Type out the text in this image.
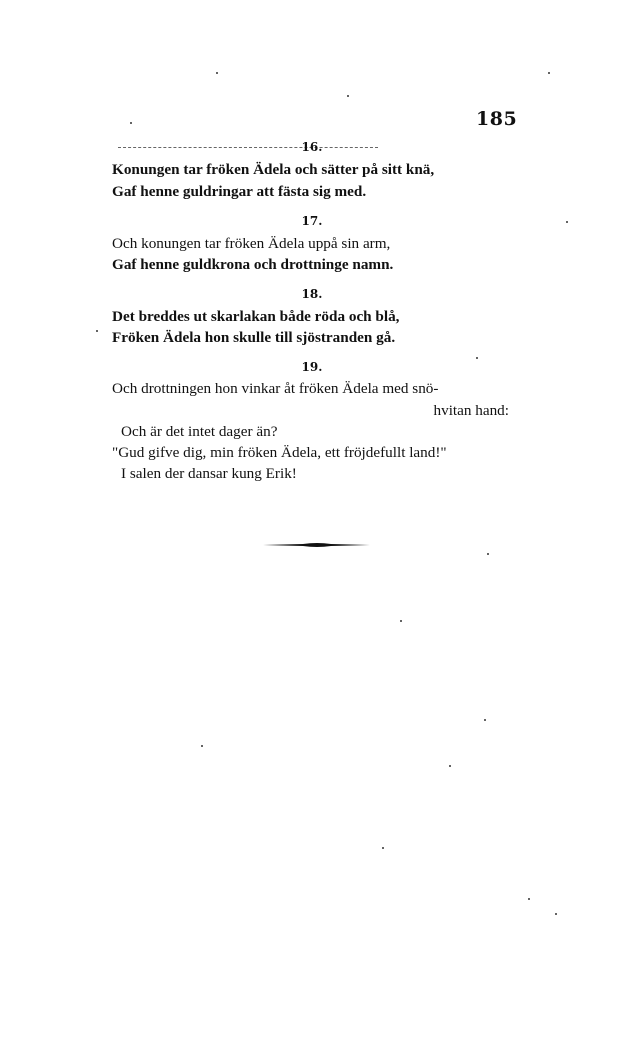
185
16.
Konungen tar fröken Ädela och sätter på sitt knä,
Gaf henne guldringar att fästa sig med.
17.
Och konungen tar fröken Ädela uppå sin arm,
Gaf henne guldkrona och drottninge namn.
18.
Det breddes ut skarlakan både röda och blå,
Fröken Ädela hon skulle till sjöstranden gå.
19.
Och drottningen hon vinkar åt fröken Ädela med snö-
hvitan hand:
Och är det intet dager än?
"Gud gifve dig, min fröken Ädela, ett fröjdefullt land!"
I salen der dansar kung Erik!
